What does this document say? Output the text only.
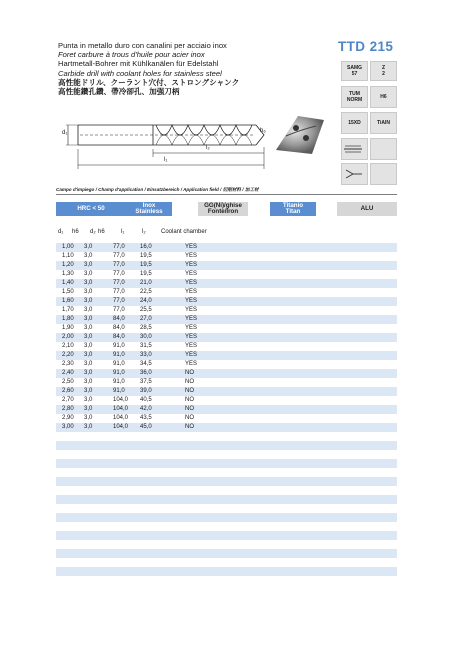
Punta in metallo duro con canalini per acciaio inox
Foret carbure à trous d'huile pour acier inox
Hartmetall-Bohrer mit Kühlkanälen für Edelstahl
Carbide drill with coolant holes for stainless steel
高性能ドリル、クーラント穴付、ストロングシャンク
高性能鑽孔鑽、帶冷卻孔、加强刀柄
TTD 215
SAMG
57
Z
2
TUM
NORM	H6
15XD	TiAlN
d₁	h₆
l₂
l₁
Campo d'impiego / Champ d'application / Einsatzbereich / Application field / 切削材料 / 加工材
HRC < 50	Inox
Stainless
GG(Ni)/ghise
Fonte/Iron
Titanio
Titan	ALU
d₁ h6 d₂ h6	l₁	l₂	Coolant chamber
1,00 3,0	77,0	16,0	YES
1,10 3,0	77,0	19,5	YES
1,20 3,0	77,0	19,5	YES
1,30 3,0	77,0	19,5	YES
1,40 3,0	77,0	21,0	YES
1,50 3,0	77,0	22,5	YES
1,60 3,0	77,0	24,0	YES
1,70 3,0	77,0	25,5	YES
1,80 3,0	84,0	27,0	YES
1,90 3,0	84,0	28,5	YES
2,00 3,0	84,0	30,0	YES
2,10 3,0	91,0	31,5	YES
2,20 3,0	91,0	33,0	YES
2,30 3,0	91,0	34,5	YES
2,40 3,0	91,0	36,0	NO
2,50 3,0	91,0	37,5	NO
2,60 3,0	91,0	39,0	NO
2,70 3,0	104,0 40,5	NO
2,80 3,0	104,0 42,0	NO
2,90 3,0	104,0 43,5	NO
3,00 3,0	104,0 45,0	NO
